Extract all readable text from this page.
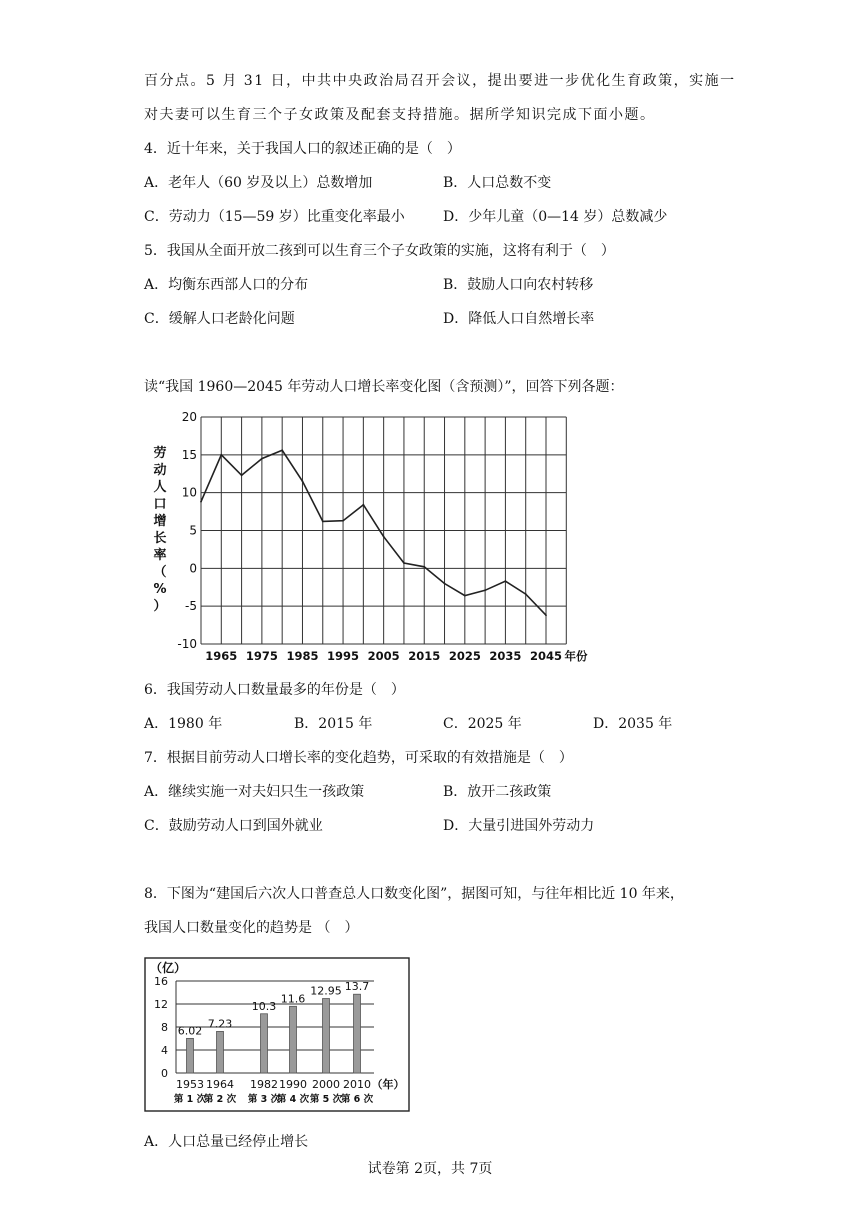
百分点。5 月 31 日，中共中央政治局召开会议，提出要进一步优化生育政策，实施一
对夫妻可以生育三个子女政策及配套支持措施。据所学知识完成下面小题。
4．近十年来，关于我国人口的叙述正确的是（　）
A．老年人（60 岁及以上）总数增加	B．人口总数不变
C．劳动力（15—59 岁）比重变化率最小	D．少年儿童（0—14 岁）总数减少
5．我国从全面开放二孩到可以生育三个子女政策的实施，这将有利于（　）
A．均衡东西部人口的分布	B．鼓励人口向农村转移
C．缓解人口老龄化问题	D．降低人口自然增长率
读“我国 1960—2045 年劳动人口增长率变化图（含预测）”，回答下列各题：
20
15
10
5
0
-5
-10
1965 1975 1985 1995 2005 2015 2025 2035 2045 年份
劳
动
人
口
增
长
率
（
%
）
6．我国劳动人口数量最多的年份是（　）
A．1980 年	B．2015 年	C．2025 年	D．2035 年
7．根据目前劳动人口增长率的变化趋势，可采取的有效措施是（　）
A．继续实施一对夫妇只生一孩政策	B．放开二孩政策
C．鼓励劳动人口到国外就业	D．大量引进国外劳动力
8．下图为“建国后六次人口普查总人口数变化图”，据图可知，与往年相比近 10 年来，
我国人口数量变化的趋势是 （　）
16
12
8
4
0
（亿）
6.02
1953
第 1 次
7.23
1964
第 2 次
10.3
1982
第 3 次
11.6
1990
第 4 次
12.95
2000
第 5 次
13.7
2010
第 6 次
（年）
A．人口总量已经停止增长
试卷第 2页，共 7页
